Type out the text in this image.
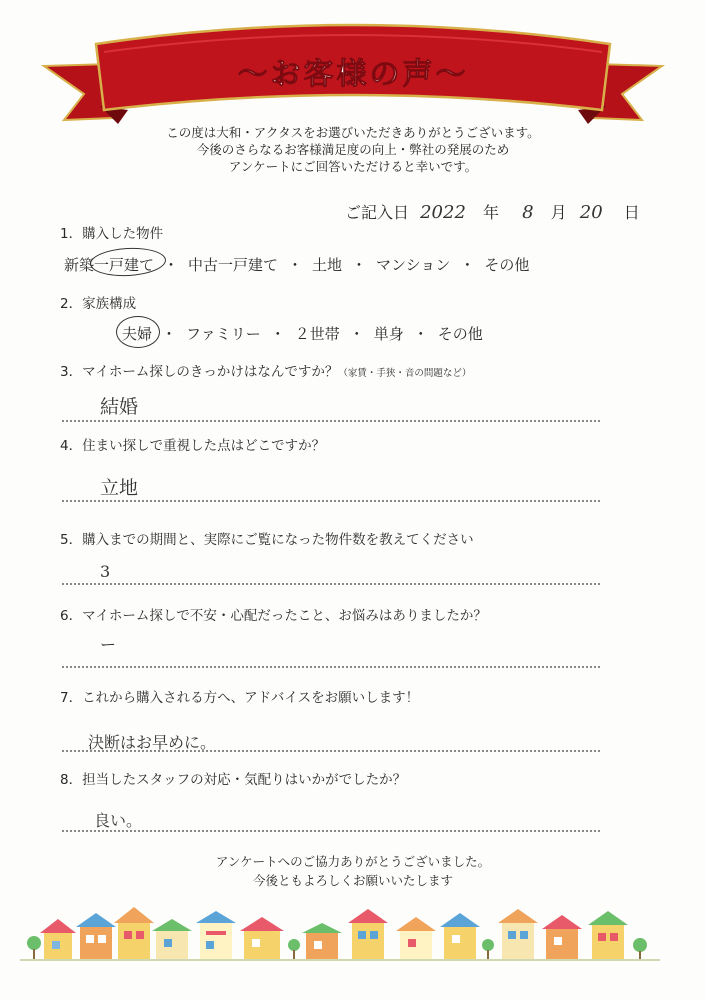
～お客様の声～
この度は大和・アクタスをお選びいただきありがとうございます。
今後のさらなるお客様満足度の向上・弊社の発展のため
アンケートにご回答いただけると幸いです。
ご記入日 2022 年 8 月 20 日
1．購入した物件
新築一戸建て ・ 中古一戸建て ・ 土地 ・ マンション ・ その他
2．家族構成
夫婦 ・ ファミリー ・ ２世帯 ・ 単身 ・ その他
3．マイホーム探しのきっかけはなんですか？（家賃・手狭・音の問題など）
結婚
4．住まい探しで重視した点はどこですか？
立地
5．購入までの期間と、実際にご覧になった物件数を教えてください
3
6．マイホーム探しで不安・心配だったこと、お悩みはありましたか？
ー
7．これから購入される方へ、アドバイスをお願いします！
決断はお早めに。
8．担当したスタッフの対応・気配りはいかがでしたか？
良い。
アンケートへのご協力ありがとうございました。
今後ともよろしくお願いいたします
